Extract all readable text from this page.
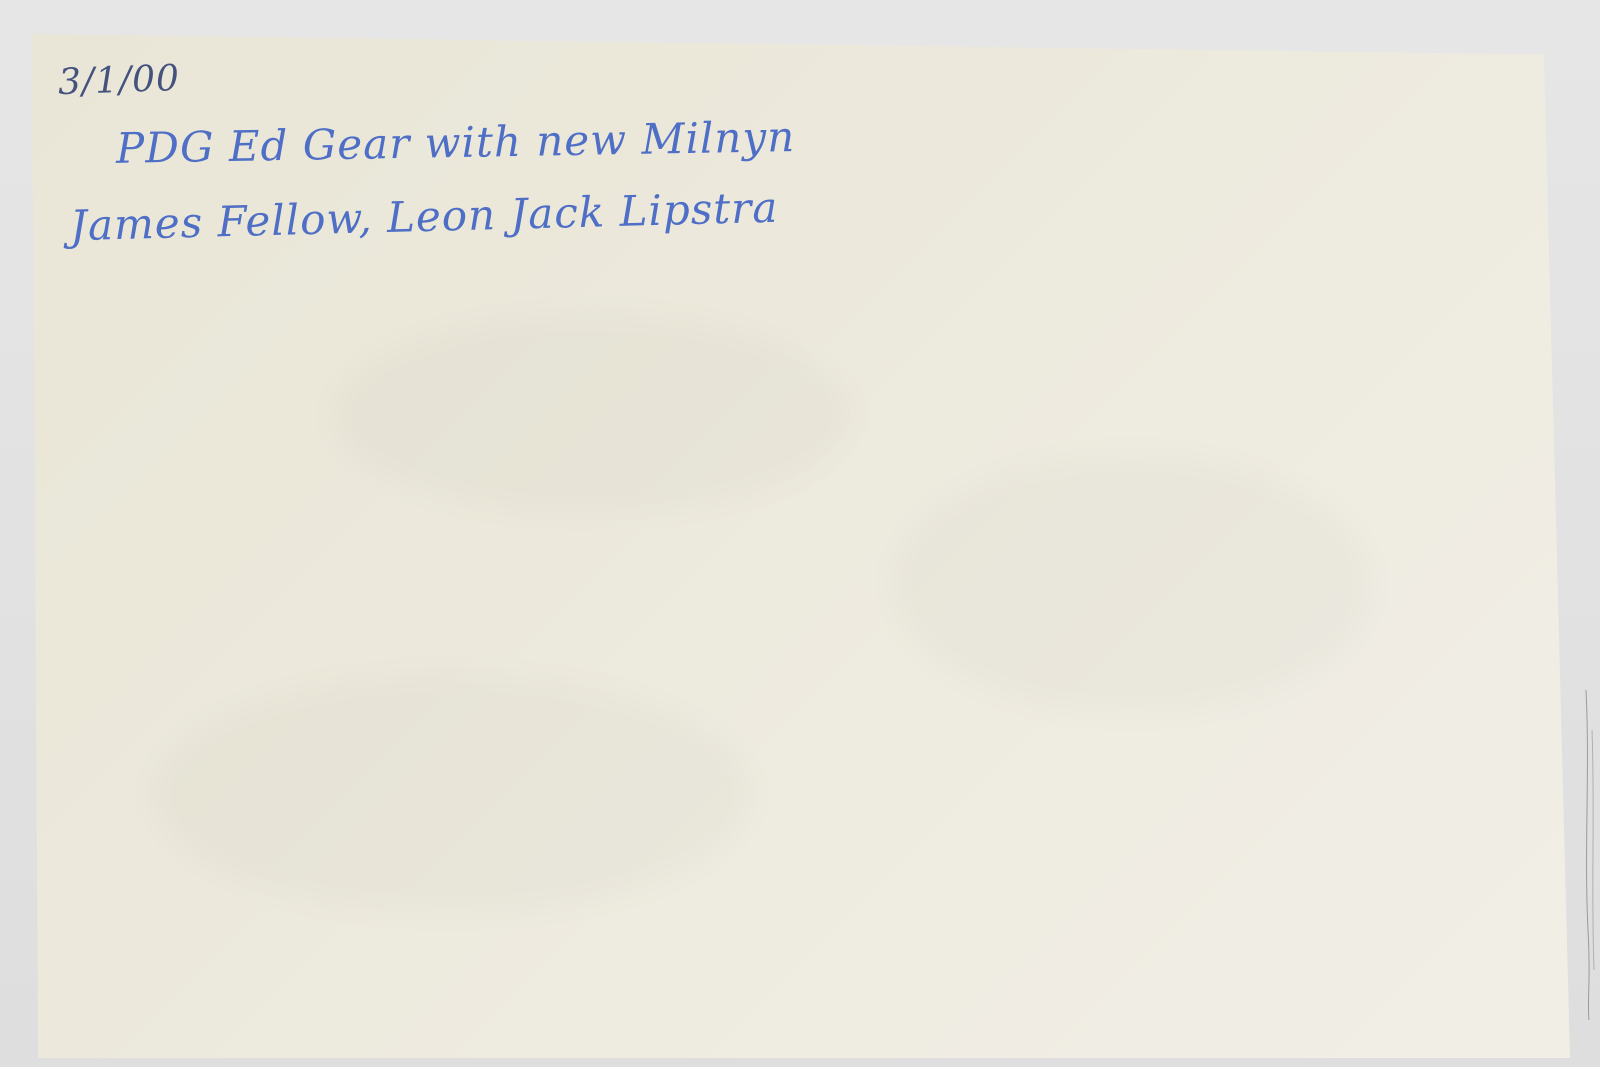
3/1/00

PDG Ed Gear with new Milnyn

James Fellow, Leon Jack Lipstra
